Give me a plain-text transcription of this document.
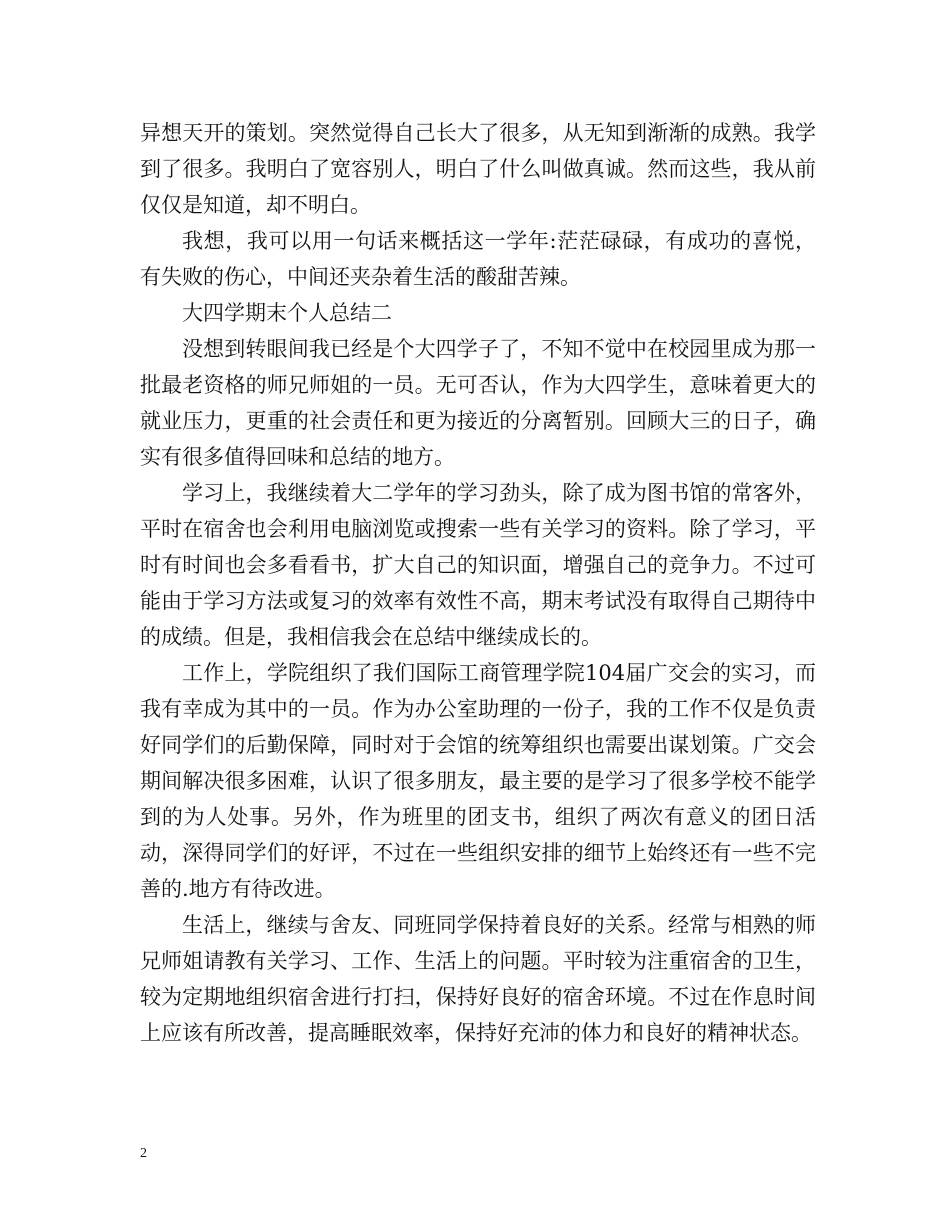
异想天开的策划。突然觉得自己长大了很多，从无知到渐渐的成熟。我学到了很多。我明白了宽容别人，明白了什么叫做真诚。然而这些，我从前仅仅是知道，却不明白。

我想，我可以用一句话来概括这一学年:茫茫碌碌，有成功的喜悦，有失败的伤心，中间还夹杂着生活的酸甜苦辣。

大四学期末个人总结二

没想到转眼间我已经是个大四学子了，不知不觉中在校园里成为那一批最老资格的师兄师姐的一员。无可否认，作为大四学生，意味着更大的就业压力，更重的社会责任和更为接近的分离暂别。回顾大三的日子，确实有很多值得回味和总结的地方。

学习上，我继续着大二学年的学习劲头，除了成为图书馆的常客外，平时在宿舍也会利用电脑浏览或搜索一些有关学习的资料。除了学习，平时有时间也会多看看书，扩大自己的知识面，增强自己的竞争力。不过可能由于学习方法或复习的效率有效性不高，期末考试没有取得自己期待中的成绩。但是，我相信我会在总结中继续成长的。

工作上，学院组织了我们国际工商管理学院104届广交会的实习，而我有幸成为其中的一员。作为办公室助理的一份子，我的工作不仅是负责好同学们的后勤保障，同时对于会馆的统筹组织也需要出谋划策。广交会期间解决很多困难，认识了很多朋友，最主要的是学习了很多学校不能学到的为人处事。另外，作为班里的团支书，组织了两次有意义的团日活动，深得同学们的好评，不过在一些组织安排的细节上始终还有一些不完善的.地方有待改进。

生活上，继续与舍友、同班同学保持着良好的关系。经常与相熟的师兄师姐请教有关学习、工作、生活上的问题。平时较为注重宿舍的卫生，较为定期地组织宿舍进行打扫，保持好良好的宿舍环境。不过在作息时间上应该有所改善，提高睡眠效率，保持好充沛的体力和良好的精神状态。

2
